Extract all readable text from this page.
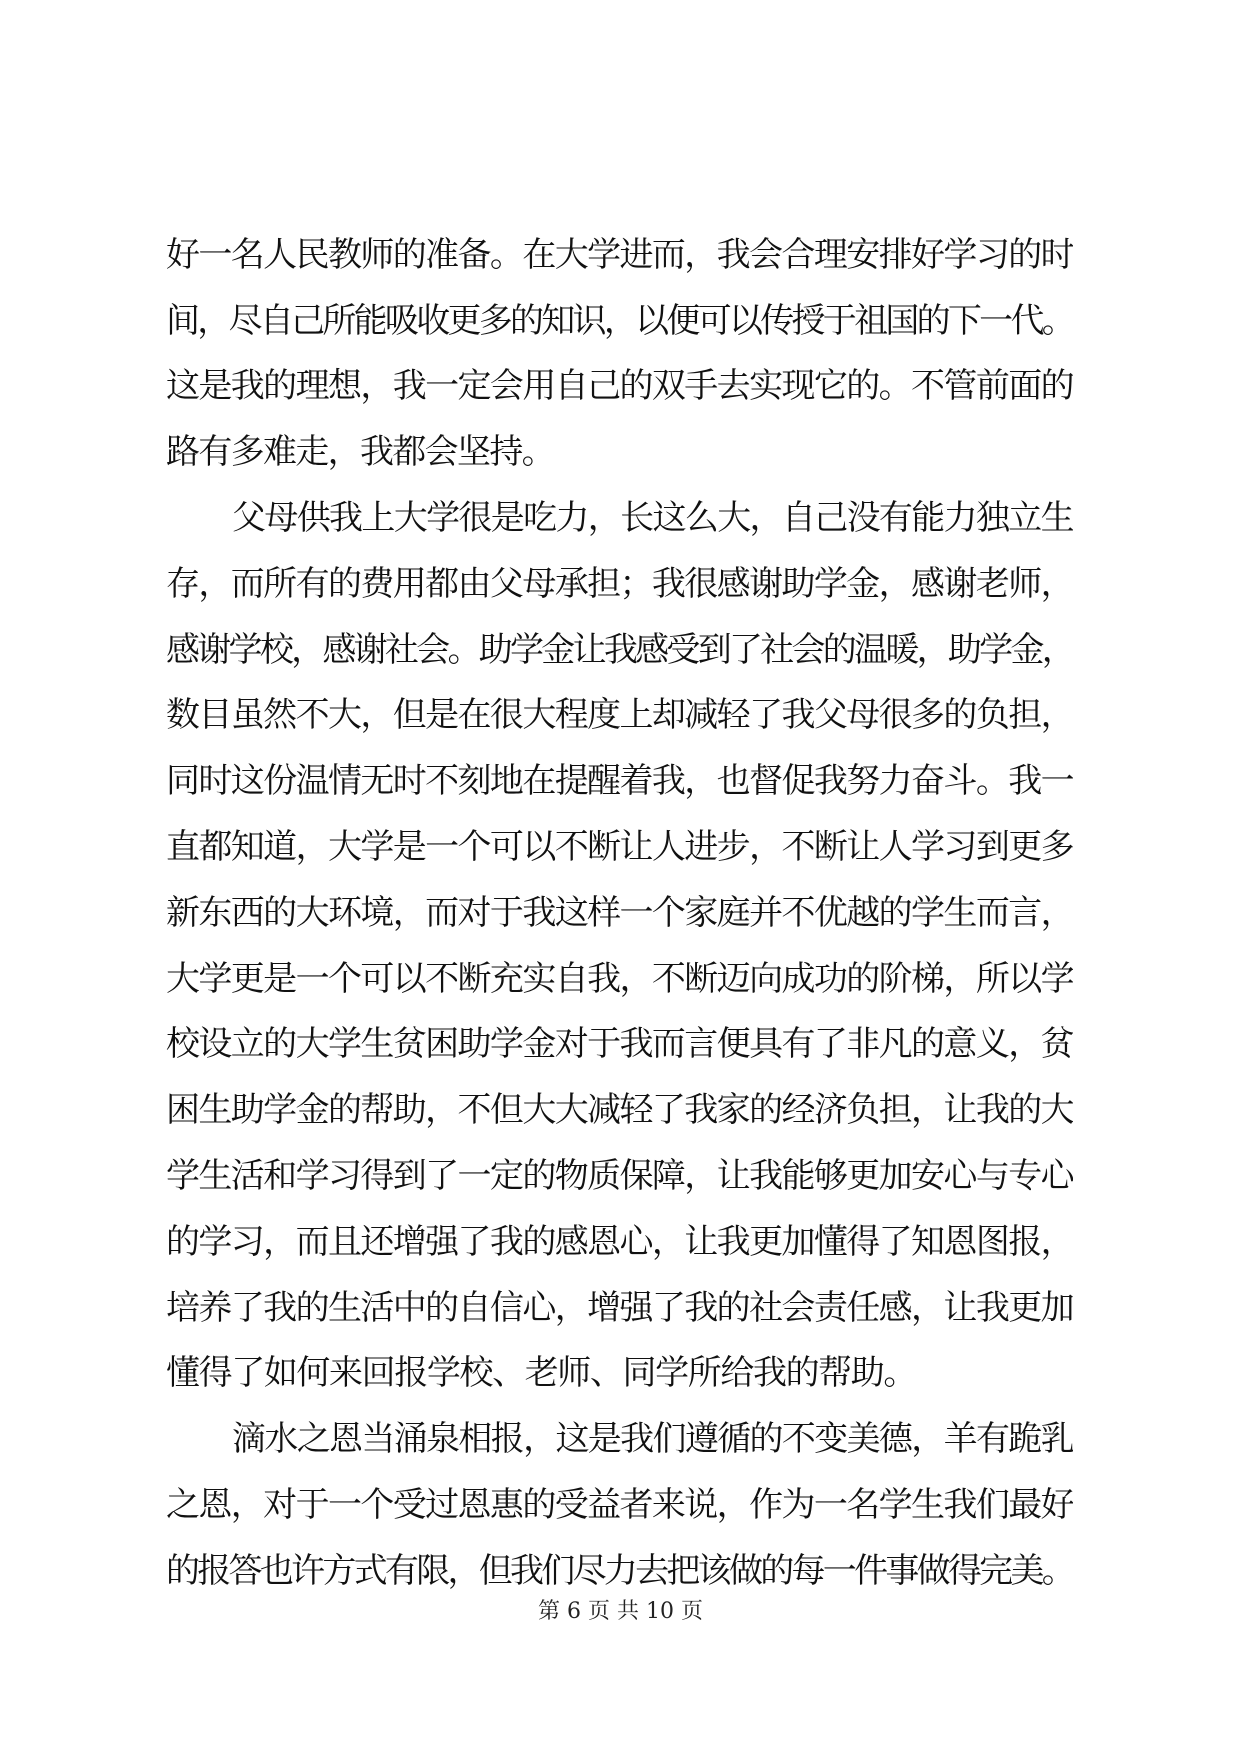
好一名人民教师的准备。在大学进而，我会合理安排好学习的时
间，尽自己所能吸收更多的知识，以便可以传授于祖国的下一代。
这是我的理想，我一定会用自己的双手去实现它的。不管前面的
路有多难走，我都会坚持。
父母供我上大学很是吃力，长这么大，自己没有能力独立生
存，而所有的费用都由父母承担；我很感谢助学金，感谢老师，
感谢学校，感谢社会。助学金让我感受到了社会的温暖，助学金，
数目虽然不大，但是在很大程度上却减轻了我父母很多的负担，
同时这份温情无时不刻地在提醒着我，也督促我努力奋斗。我一
直都知道，大学是一个可以不断让人进步，不断让人学习到更多
新东西的大环境，而对于我这样一个家庭并不优越的学生而言，
大学更是一个可以不断充实自我，不断迈向成功的阶梯，所以学
校设立的大学生贫困助学金对于我而言便具有了非凡的意义，贫
困生助学金的帮助，不但大大减轻了我家的经济负担，让我的大
学生活和学习得到了一定的物质保障，让我能够更加安心与专心
的学习，而且还增强了我的感恩心，让我更加懂得了知恩图报，
培养了我的生活中的自信心，增强了我的社会责任感，让我更加
懂得了如何来回报学校、老师、同学所给我的帮助。
滴水之恩当涌泉相报，这是我们遵循的不变美德，羊有跪乳
之恩，对于一个受过恩惠的受益者来说，作为一名学生我们最好
的报答也许方式有限，但我们尽力去把该做的每一件事做得完美。
第 6 页 共 10 页
